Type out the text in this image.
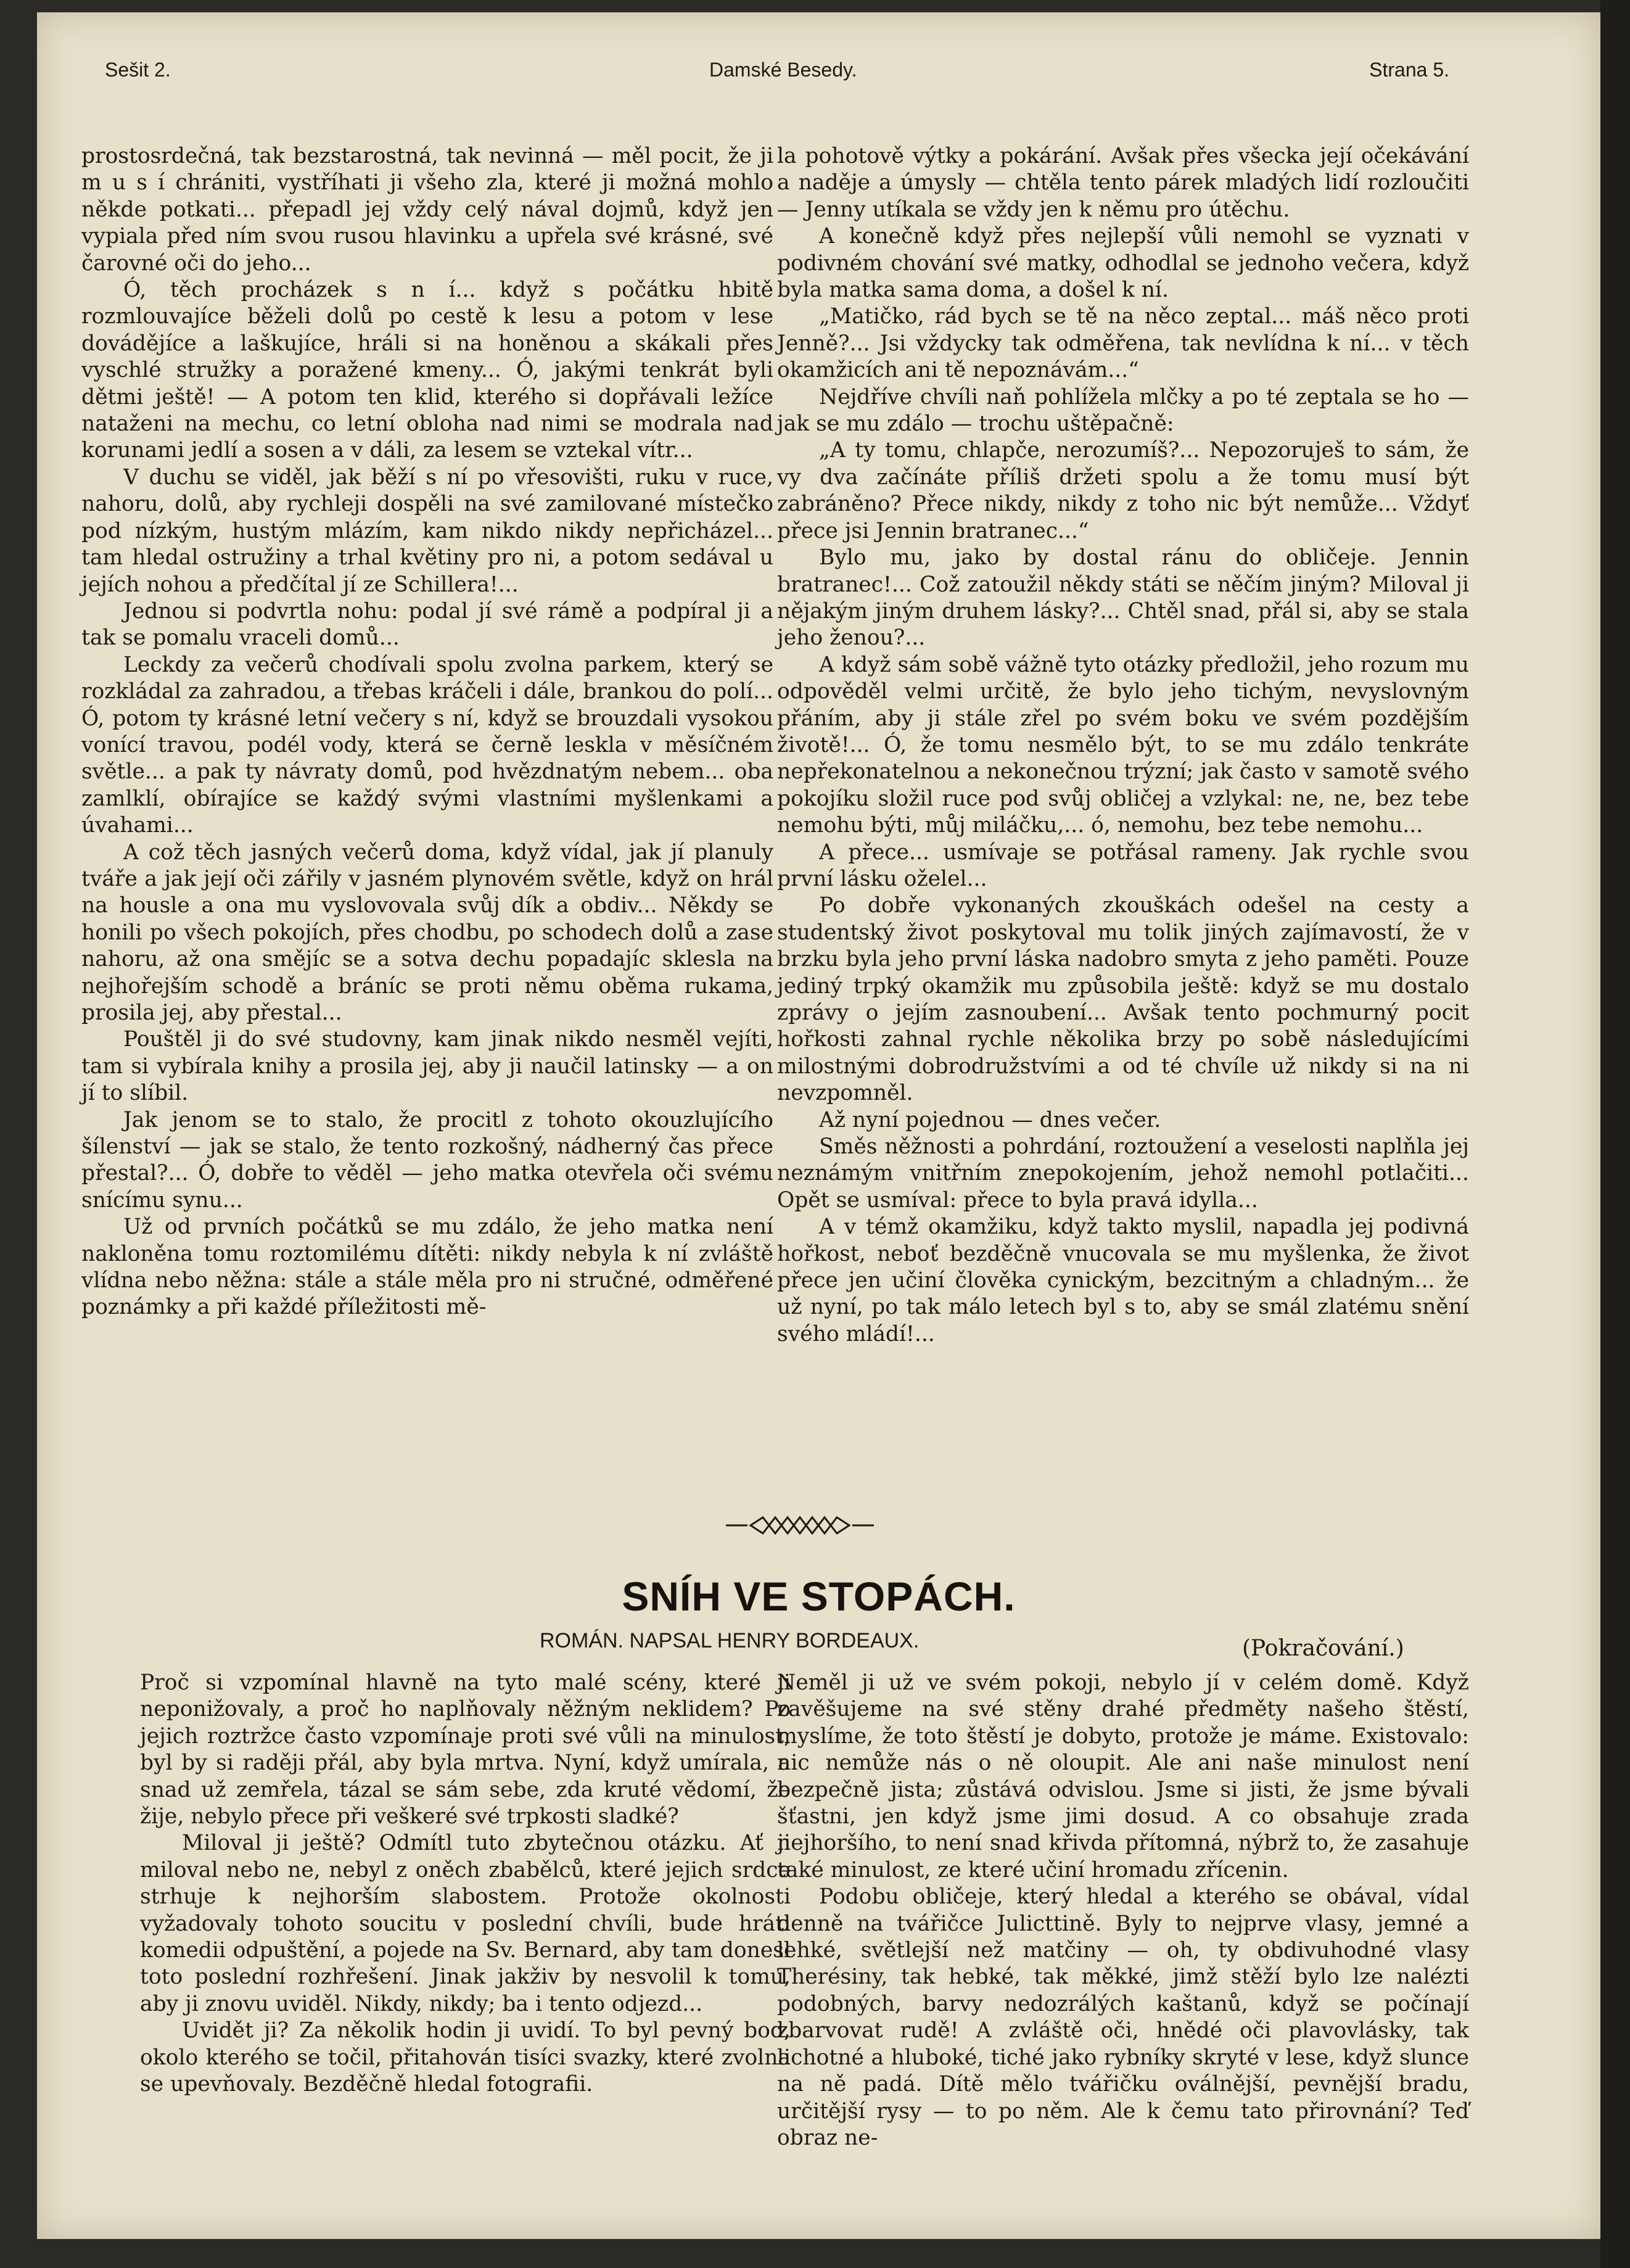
Sešit 2.	Damské Besedy.	Strana 5.

prostosrdečná, tak bezstarostná, tak nevinná — měl pocit, že ji m u s í chrániti, vystříhati ji všeho zla, které ji možná mohlo někde potkati... přepadl jej vždy celý nával dojmů, když jen vypiala před ním svou rusou hlavinku a upřela své krásné, své čarovné oči do jeho...

Ó, těch procházek s n í... když s počátku hbitě rozmlouvajíce běželi dolů po cestě k lesu a potom v lese dovádějíce a laškujíce, hráli si na honěnou a skákali přes vyschlé stružky a poražené kmeny... Ó, jakými tenkrát byli dětmi ještě! — A potom ten klid, kterého si dopřávali ležíce nataženi na mechu, co letní obloha nad nimi se modrala nad korunami jedlí a sosen a v dáli, za lesem se vztekal vítr...

V duchu se viděl, jak běží s ní po vřesovišti, ruku v ruce, nahoru, dolů, aby rychleji dospěli na své zamilované místečko pod nízkým, hustým mlázím, kam nikdo nikdy nepřicházel... tam hledal ostružiny a trhal květiny pro ni, a potom sedával u jejích nohou a předčítal jí ze Schillera!...

Jednou si podvrtla nohu: podal jí své rámě a podpíral ji a tak se pomalu vraceli domů...

Leckdy za večerů chodívali spolu zvolna parkem, který se rozkládal za zahradou, a třebas kráčeli i dále, brankou do polí... Ó, potom ty krásné letní večery s ní, když se brouzdali vysokou vonící travou, podél vody, která se černě leskla v měsíčném světle... a pak ty návraty domů, pod hvězdnatým nebem... oba zamlklí, obírajíce se každý svými vlastními myšlenkami a úvahami...

A což těch jasných večerů doma, když vídal, jak jí planuly tváře a jak její oči zářily v jasném plynovém světle, když on hrál na housle a ona mu vyslovovala svůj dík a obdiv... Někdy se honili po všech pokojích, přes chodbu, po schodech dolů a zase nahoru, až ona smějíc se a sotva dechu popadajíc sklesla na nejhořejším schodě a bráníc se proti němu oběma rukama, prosila jej, aby přestal...

Pouštěl ji do své studovny, kam jinak nikdo nesměl vejíti, tam si vybírala knihy a prosila jej, aby ji naučil latinsky — a on jí to slíbil.

Jak jenom se to stalo, že procitl z tohoto okouzlujícího šílenství — jak se stalo, že tento rozkošný, nádherný čas přece přestal?... Ó, dobře to věděl — jeho matka otevřela oči svému snícímu synu...

Už od prvních počátků se mu zdálo, že jeho matka není nakloněna tomu roztomilému dítěti: nikdy nebyla k ní zvláště vlídna nebo něžna: stále a stále měla pro ni stručné, odměřené poznámky a při každé příležitosti mě-

la pohotově výtky a pokárání. Avšak přes všecka její očekávání a naděje a úmysly — chtěla tento párek mladých lidí rozloučiti — Jenny utíkala se vždy jen k němu pro útěchu.

A konečně když přes nejlepší vůli nemohl se vyznati v podivném chování své matky, odhodlal se jednoho večera, když byla matka sama doma, a došel k ní.

„Matičko, rád bych se tě na něco zeptal... máš něco proti Jenně?... Jsi vždycky tak odměřena, tak nevlídna k ní... v těch okamžicích ani tě nepoznávám...“

Nejdříve chvíli naň pohlížela mlčky a po té zeptala se ho — jak se mu zdálo — trochu uštěpačně:

„A ty tomu, chlapče, nerozumíš?... Nepozoruješ to sám, že vy dva začínáte příliš držeti spolu a že tomu musí být zabráněno? Přece nikdy, nikdy z toho nic být nemůže... Vždyť přece jsi Jennin bratranec...“

Bylo mu, jako by dostal ránu do obličeje. Jennin bratranec!... Což zatoužil někdy státi se něčím jiným? Miloval ji nějakým jiným druhem lásky?... Chtěl snad, přál si, aby se stala jeho ženou?...

A když sám sobě vážně tyto otázky předložil, jeho rozum mu odpověděl velmi určitě, že bylo jeho tichým, nevyslovným přáním, aby ji stále zřel po svém boku ve svém pozdějším životě!... Ó, že tomu nesmělo být, to se mu zdálo tenkráte nepřekonatelnou a nekonečnou trýzní; jak často v samotě svého pokojíku složil ruce pod svůj obličej a vzlykal: ne, ne, bez tebe nemohu býti, můj miláčku,... ó, nemohu, bez tebe nemohu...

A přece... usmívaje se potřásal rameny. Jak rychle svou první lásku oželel...

Po dobře vykonaných zkouškách odešel na cesty a studentský život poskytoval mu tolik jiných zajímavostí, že v brzku byla jeho první láska nadobro smyta z jeho paměti. Pouze jediný trpký okamžik mu způsobila ještě: když se mu dostalo zprávy o jejím zasnoubení... Avšak tento pochmurný pocit hořkosti zahnal rychle několika brzy po sobě následujícími milostnými dobrodružstvími a od té chvíle už nikdy si na ni nevzpomněl.

Až nyní pojednou — dnes večer.

Směs něžnosti a pohrdání, roztoužení a veselosti naplňla jej neznámým vnitřním znepokojením, jehož nemohl potlačiti... Opět se usmíval: přece to byla pravá idylla...

A v témž okamžiku, když takto myslil, napadla jej podivná hořkost, neboť bezděčně vnucovala se mu myšlenka, že život přece jen učiní člověka cynickým, bezcitným a chladným... že už nyní, po tak málo letech byl s to, aby se smál zlatému snění svého mládí!...

SNÍH VE STOPÁCH.
ROMÁN. NAPSAL HENRY BORDEAUX.	(Pokračování.)

Proč si vzpomínal hlavně na tyto malé scény, které ji neponižovaly, a proč ho naplňovaly něžným neklidem? Po jejich roztržce často vzpomínaje proti své vůli na minulost, byl by si raději přál, aby byla mrtva. Nyní, když umírala, a snad už zemřela, tázal se sám sebe, zda kruté vědomí, že žije, nebylo přece při veškeré své trpkosti sladké?

Miloval ji ještě? Odmítl tuto zbytečnou otázku. Ať ji miloval nebo ne, nebyl z oněch zbabělců, které jejich srdce strhuje k nejhorším slabostem. Protože okolnosti vyžadovaly tohoto soucitu v poslední chvíli, bude hráti komedii odpuštění, a pojede na Sv. Bernard, aby tam donesl toto poslední rozhřešení. Jinak jakživ by nesvolil k tomu, aby ji znovu uviděl. Nikdy, nikdy; ba i tento odjezd...

Uvidět ji? Za několik hodin ji uvidí. To byl pevný bod, okolo kterého se točil, přitahován tisíci svazky, které zvolna se upevňovaly. Bezděčně hledal fotografii.

Neměl ji už ve svém pokoji, nebylo jí v celém domě. Když zavěšujeme na své stěny drahé předměty našeho štěstí, myslíme, že toto štěstí je dobyto, protože je máme. Existovalo: nic nemůže nás o ně oloupit. Ale ani naše minulost není bezpečně jista; zůstává odvislou. Jsme si jisti, že jsme bývali šťastni, jen když jsme jimi dosud. A co obsahuje zrada nejhoršího, to není snad křivda přítomná, nýbrž to, že zasahuje také minulost, ze které učiní hromadu zřícenin.

Podobu obličeje, který hledal a kterého se obával, vídal denně na tvářičce Julicttině. Byly to nejprve vlasy, jemné a lehké, světlejší než matčiny — oh, ty obdivuhodné vlasy Therésiny, tak hebké, tak měkké, jimž stěží bylo lze nalézti podobných, barvy nedozrálých kaštanů, když se počínají zbarvovat rudě! A zvláště oči, hnědé oči plavovlásky, tak lichotné a hluboké, tiché jako rybníky skryté v lese, když slunce na ně padá. Dítě mělo tvářičku oválnější, pevnější bradu, určitější rysy — to po něm. Ale k čemu tato přirovnání? Teď obraz ne-
